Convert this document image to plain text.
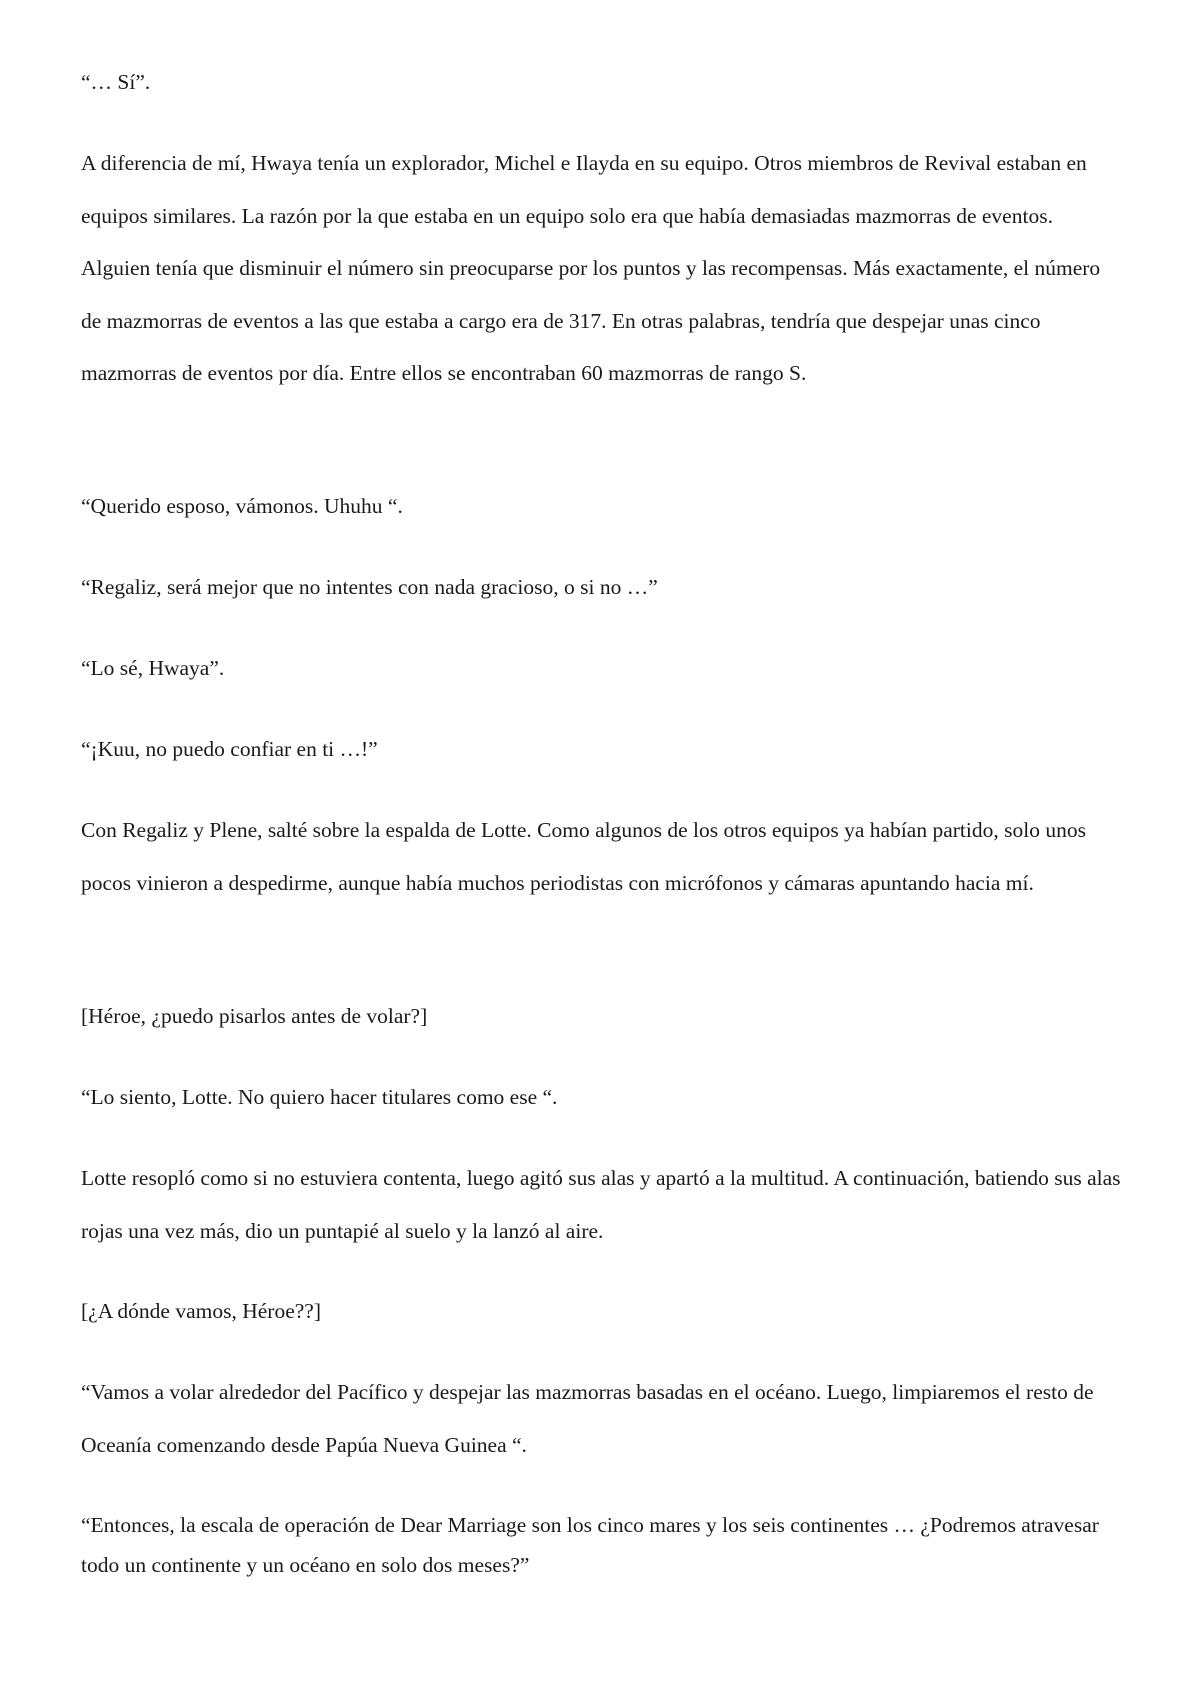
“… Sí”.

A diferencia de mí, Hwaya tenía un explorador, Michel e Ilayda en su equipo. Otros miembros de Revival estaban en equipos similares. La razón por la que estaba en un equipo solo era que había demasiadas mazmorras de eventos. Alguien tenía que disminuir el número sin preocuparse por los puntos y las recompensas. Más exactamente, el número de mazmorras de eventos a las que estaba a cargo era de 317. En otras palabras, tendría que despejar unas cinco mazmorras de eventos por día. Entre ellos se encontraban 60 mazmorras de rango S.

“Querido esposo, vámonos. Uhuhu “.

“Regaliz, será mejor que no intentes con nada gracioso, o si no …”

“Lo sé, Hwaya”.

“¡Kuu, no puedo confiar en ti …!”

Con Regaliz y Plene, salté sobre la espalda de Lotte. Como algunos de los otros equipos ya habían partido, solo unos pocos vinieron a despedirme, aunque había muchos periodistas con micrófonos y cámaras apuntando hacia mí.

[Héroe, ¿puedo pisarlos antes de volar?]

“Lo siento, Lotte. No quiero hacer titulares como ese “.

Lotte resopló como si no estuviera contenta, luego agitó sus alas y apartó a la multitud. A continuación, batiendo sus alas rojas una vez más, dio un puntapié al suelo y la lanzó al aire.

[¿A dónde vamos, Héroe??]

“Vamos a volar alrededor del Pacífico y despejar las mazmorras basadas en el océano. Luego, limpiaremos el resto de Oceanía comenzando desde Papúa Nueva Guinea “.

“Entonces, la escala de operación de Dear Marriage son los cinco mares y los seis continentes … ¿Podremos atravesar todo un continente y un océano en solo dos meses?”
